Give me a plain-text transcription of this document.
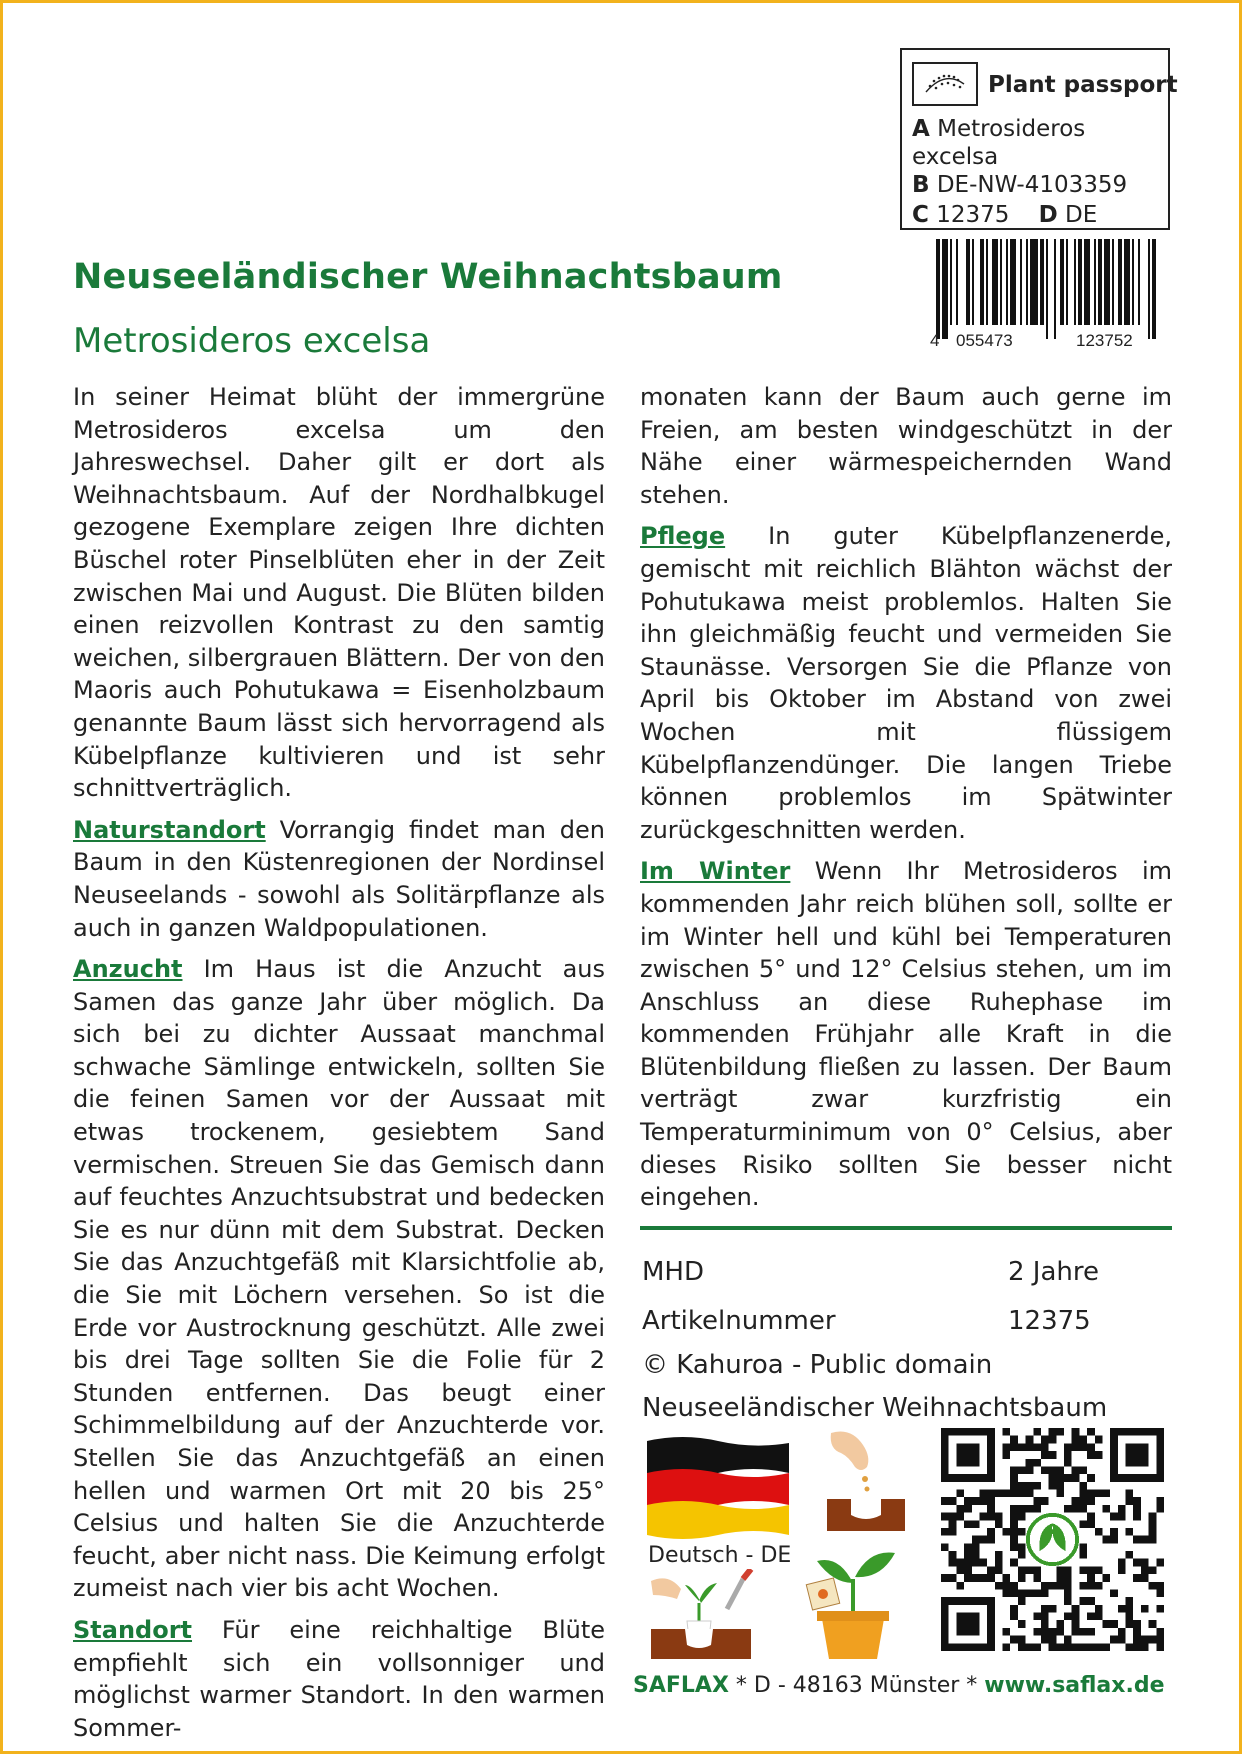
Plant passport
A Metrosideros
excelsa
B DE-NW-4103359
C 12375 D DE
4 055473	123752
Neuseeländischer Weihnachtsbaum
Metrosideros excelsa

In seiner Heimat blüht der immergrüne Metrosideros excelsa um den Jahreswechsel. Daher gilt er dort als Weihnachtsbaum. Auf der Nordhalbkugel gezogene Exemplare zeigen Ihre dichten Büschel roter Pinselblüten eher in der Zeit zwischen Mai und August. Die Blüten bilden einen reizvollen Kontrast zu den samtig weichen, silbergrauen Blättern. Der von den Maoris auch Pohutukawa = Eisenholzbaum genannte Baum lässt sich hervorragend als Kübelpflanze kultivieren und ist sehr schnittverträglich.

Naturstandort Vorrangig findet man den Baum in den Küstenregionen der Nordinsel Neuseelands - sowohl als Solitärpflanze als auch in ganzen Waldpopulationen.

Anzucht Im Haus ist die Anzucht aus Samen das ganze Jahr über möglich. Da sich bei zu dichter Aussaat manchmal schwache Sämlinge entwickeln, sollten Sie die feinen Samen vor der Aussaat mit etwas trockenem, gesiebtem Sand vermischen. Streuen Sie das Gemisch dann auf feuchtes Anzuchtsubstrat und bedecken Sie es nur dünn mit dem Substrat. Decken Sie das Anzuchtgefäß mit Klarsichtfolie ab, die Sie mit Löchern versehen. So ist die Erde vor Austrocknung geschützt. Alle zwei bis drei Tage sollten Sie die Folie für 2 Stunden entfernen. Das beugt einer Schimmelbildung auf der Anzuchterde vor. Stellen Sie das Anzuchtgefäß an einen hellen und warmen Ort mit 20 bis 25° Celsius und halten Sie die Anzuchterde feucht, aber nicht nass. Die Keimung erfolgt zumeist nach vier bis acht Wochen.

Standort Für eine reichhaltige Blüte empfiehlt sich ein vollsonniger und möglichst warmer Standort. In den warmen Sommer-

monaten kann der Baum auch gerne im Freien, am besten windgeschützt in der Nähe einer wärmespeichernden Wand stehen.

Pflege In guter Kübelpflanzenerde, gemischt mit reichlich Blähton wächst der Pohutukawa meist problemlos. Halten Sie ihn gleichmäßig feucht und vermeiden Sie Staunässe. Versorgen Sie die Pflanze von April bis Oktober im Abstand von zwei Wochen mit flüssigem Kübelpflanzendünger. Die langen Triebe können problemlos im Spätwinter zurückgeschnitten werden.

Im Winter Wenn Ihr Metrosideros im kommenden Jahr reich blühen soll, sollte er im Winter hell und kühl bei Temperaturen zwischen 5° und 12° Celsius stehen, um im Anschluss an diese Ruhephase im kommenden Frühjahr alle Kraft in die Blütenbildung fließen zu lassen. Der Baum verträgt zwar kurzfristig ein Temperaturminimum von 0° Celsius, aber dieses Risiko sollten Sie besser nicht eingehen.

MHD	2 Jahre
Artikelnummer	12375
© Kahuroa - Public domain
Neuseeländischer Weihnachtsbaum
Deutsch - DE
SAFLAX * D - 48163 Münster * www.saflax.de
